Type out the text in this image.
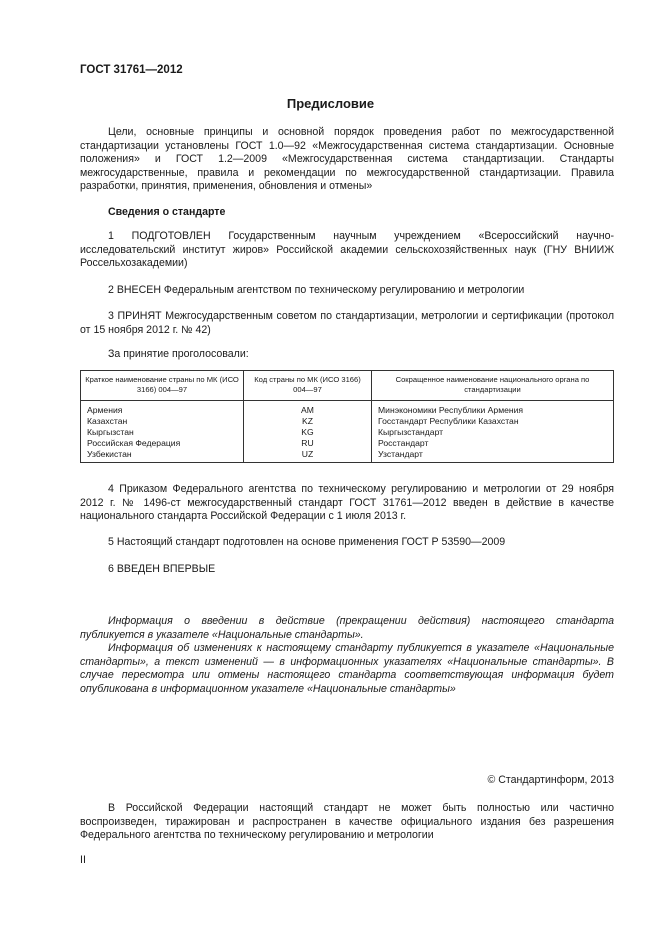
ГОСТ 31761—2012
Предисловие

Цели, основные принципы и основной порядок проведения работ по межгосударственной стандартизации установлены ГОСТ 1.0—92 «Межгосударственная система стандартизации. Основные положения» и ГОСТ 1.2—2009 «Межгосударственная система стандартизации. Стандарты межгосударственные, правила и рекомендации по межгосударственной стандартизации. Правила разработки, принятия, применения, обновления и отмены»

Сведения о стандарте

1 ПОДГОТОВЛЕН Государственным научным учреждением «Всероссийский научно-исследовательский институт жиров» Российской академии сельскохозяйственных наук (ГНУ ВНИИЖ Россельхозакадемии)

2 ВНЕСЕН Федеральным агентством по техническому регулированию и метрологии

3 ПРИНЯТ Межгосударственным советом по стандартизации, метрологии и сертификации (протокол от 15 ноября 2012 г. № 42)

За принятие проголосовали:

Краткое наименование страны по МК (ИСО 3166) 004—97	Код страны по МК (ИСО 3166) 004—97	Сокращенное наименование национального органа по стандартизации
Армения	AM	Минэкономики Республики Армения
Казахстан	KZ	Госстандарт Республики Казахстан
Кыргызстан	KG	Кыргызстандарт
Российская Федерация	RU	Росстандарт
Узбекистан	UZ	Узстандарт

4 Приказом Федерального агентства по техническому регулированию и метрологии от 29 ноября 2012 г. № 1496-ст межгосударственный стандарт ГОСТ 31761—2012 введен в действие в качестве национального стандарта Российской Федерации с 1 июля 2013 г.

5 Настоящий стандарт подготовлен на основе применения ГОСТ Р 53590—2009

6 ВВЕДЕН ВПЕРВЫЕ

Информация о введении в действие (прекращении действия) настоящего стандарта публикуется в указателе «Национальные стандарты».

Информация об изменениях к настоящему стандарту публикуется в указателе «Национальные стандарты», а текст изменений — в информационных указателях «Национальные стандарты». В случае пересмотра или отмены настоящего стандарта соответствующая информация будет опубликована в информационном указателе «Национальные стандарты»

© Стандартинформ, 2013

В Российской Федерации настоящий стандарт не может быть полностью или частично воспроизведен, тиражирован и распространен в качестве официального издания без разрешения Федерального агентства по техническому регулированию и метрологии

II
